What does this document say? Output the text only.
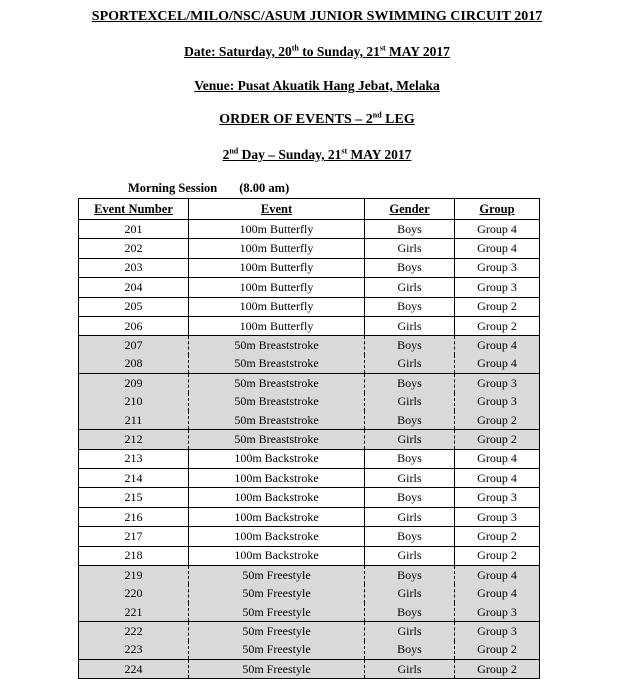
SPORTEXCEL/MILO/NSC/ASUM JUNIOR SWIMMING CIRCUIT 2017
Date: Saturday, 20th to Sunday, 21st MAY 2017
Venue: Pusat Akuatik Hang Jebat, Melaka
ORDER OF EVENTS – 2nd LEG
2nd Day – Sunday, 21st MAY 2017
Morning Session (8.00 am)
Event Number	Event	Gender	Group
201	100m Butterfly	Boys	Group 4
202	100m Butterfly	Girls	Group 4
203	100m Butterfly	Boys	Group 3
204	100m Butterfly	Girls	Group 3
205	100m Butterfly	Boys	Group 2
206	100m Butterfly	Girls	Group 2
207	50m Breaststroke	Boys	Group 4
208	50m Breaststroke	Girls	Group 4
209	50m Breaststroke	Boys	Group 3
210	50m Breaststroke	Girls	Group 3
211	50m Breaststroke	Boys	Group 2
212	50m Breaststroke	Girls	Group 2
213	100m Backstroke	Boys	Group 4
214	100m Backstroke	Girls	Group 4
215	100m Backstroke	Boys	Group 3
216	100m Backstroke	Girls	Group 3
217	100m Backstroke	Boys	Group 2
218	100m Backstroke	Girls	Group 2
219	50m Freestyle	Boys	Group 4
220	50m Freestyle	Girls	Group 4
221	50m Freestyle	Boys	Group 3
222	50m Freestyle	Girls	Group 3
223	50m Freestyle	Boys	Group 2
224	50m Freestyle	Girls	Group 2
